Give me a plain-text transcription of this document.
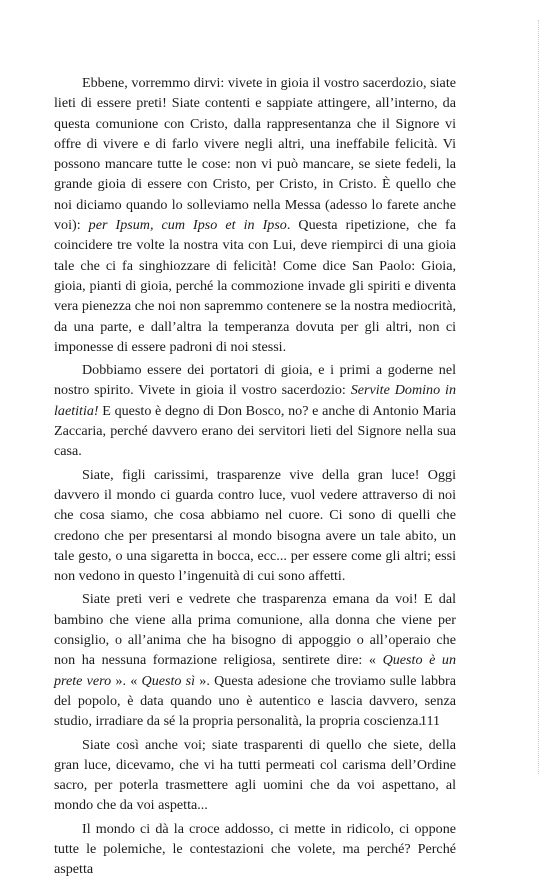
Ebbene, vorremmo dirvi: vivete in gioia il vostro sacerdozio, siate lieti di essere preti! Siate contenti e sappiate attingere, all’interno, da questa comunione con Cristo, dalla rappresentanza che il Signore vi offre di vivere e di farlo vivere negli altri, una ineffabile felicità. Vi possono mancare tutte le cose: non vi può mancare, se siete fedeli, la grande gioia di essere con Cristo, per Cristo, in Cristo. È quello che noi diciamo quando lo solleviamo nella Messa (adesso lo farete anche voi): per Ipsum, cum Ipso et in Ipso. Questa ripetizione, che fa coincidere tre volte la nostra vita con Lui, deve riempirci di una gioia tale che ci fa singhiozzare di felicità! Come dice San Paolo: Gioia, gioia, pianti di gioia, perché la commozione invade gli spiriti e diventa vera pienezza che noi non sapremmo contenere se la nostra mediocrità, da una parte, e dall’altra la temperanza dovuta per gli altri, non ci imponesse di essere padroni di noi stessi.

Dobbiamo essere dei portatori di gioia, e i primi a goderne nel nostro spirito. Vivete in gioia il vostro sacerdozio: Servite Domino in laetitia! E questo è degno di Don Bosco, no? e anche di Antonio Maria Zaccaria, perché davvero erano dei servitori lieti del Signore nella sua casa.

Siate, figli carissimi, trasparenze vive della gran luce! Oggi davvero il mondo ci guarda contro luce, vuol vedere attraverso di noi che cosa siamo, che cosa abbiamo nel cuore. Ci sono di quelli che credono che per presentarsi al mondo bisogna avere un tale abito, un tale gesto, o una sigaretta in bocca, ecc... per essere come gli altri; essi non vedono in questo l’ingenuità di cui sono affetti.

Siate preti veri e vedrete che trasparenza emana da voi! E dal bambino che viene alla prima comunione, alla donna che viene per consiglio, o all’anima che ha bisogno di appoggio o all’operaio che non ha nessuna formazione religiosa, sentirete dire: « Questo è un prete vero ». « Questo sì ». Questa adesione che troviamo sulle labbra del popolo, è data quando uno è autentico e lascia davvero, senza studio, irradiare da sé la propria personalità, la propria coscienza.

Siate così anche voi; siate trasparenti di quello che siete, della gran luce, dicevamo, che vi ha tutti permeati col carisma dell’Ordine sacro, per poterla trasmettere agli uomini che da voi aspettano, al mondo che da voi aspetta...

Il mondo ci dà la croce addosso, ci mette in ridicolo, ci oppone tutte le polemiche, le contestazioni che volete, ma perché? Perché aspetta

111
